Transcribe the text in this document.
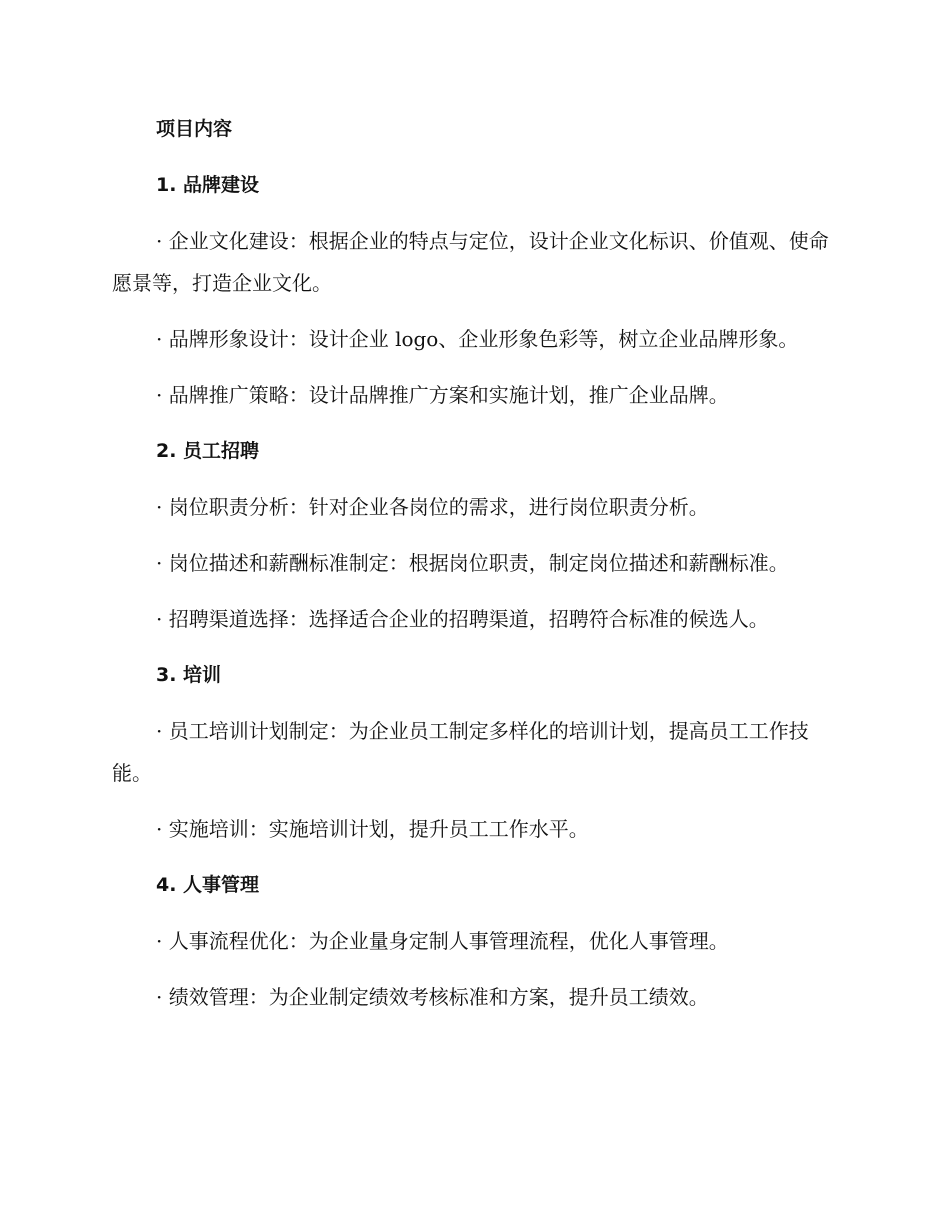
项目内容

1. 品牌建设

· 企业文化建设：根据企业的特点与定位，设计企业文化标识、价值观、使命愿景等，打造企业文化。

· 品牌形象设计：设计企业 logo、企业形象色彩等，树立企业品牌形象。

· 品牌推广策略：设计品牌推广方案和实施计划，推广企业品牌。

2. 员工招聘

· 岗位职责分析：针对企业各岗位的需求，进行岗位职责分析。

· 岗位描述和薪酬标准制定：根据岗位职责，制定岗位描述和薪酬标准。

· 招聘渠道选择：选择适合企业的招聘渠道，招聘符合标准的候选人。

3. 培训

· 员工培训计划制定：为企业员工制定多样化的培训计划，提高员工工作技能。

· 实施培训：实施培训计划，提升员工工作水平。

4. 人事管理

· 人事流程优化：为企业量身定制人事管理流程，优化人事管理。

· 绩效管理：为企业制定绩效考核标准和方案，提升员工绩效。
